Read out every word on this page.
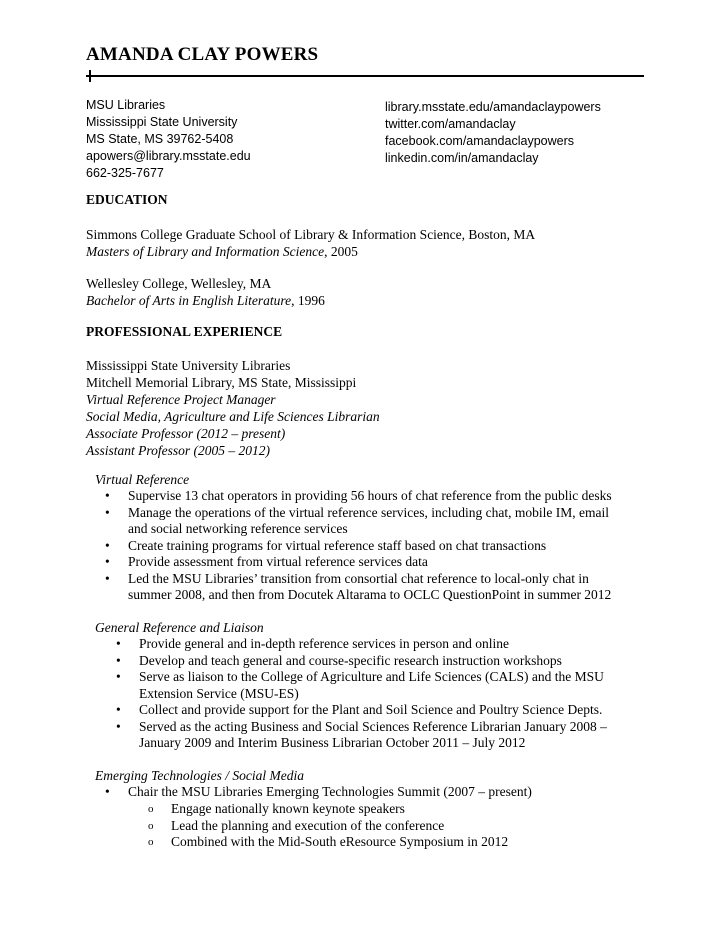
AMANDA CLAY POWERS
MSU Libraries
Mississippi State University
MS State, MS 39762-5408
apowers@library.msstate.edu
662-325-7677
library.msstate.edu/amandaclaypowers
twitter.com/amandaclay
facebook.com/amandaclaypowers
linkedin.com/in/amandaclay
EDUCATION
Simmons College Graduate School of Library & Information Science, Boston, MA
Masters of Library and Information Science, 2005
Wellesley College, Wellesley, MA
Bachelor of Arts in English Literature, 1996
PROFESSIONAL EXPERIENCE
Mississippi State University Libraries
Mitchell Memorial Library, MS State, Mississippi
Virtual Reference Project Manager
Social Media, Agriculture and Life Sciences Librarian
Associate Professor (2012 – present)
Assistant Professor (2005 – 2012)
Virtual Reference
• Supervise 13 chat operators in providing 56 hours of chat reference from the public desks
• Manage the operations of the virtual reference services, including chat, mobile IM, email
and social networking reference services
• Create training programs for virtual reference staff based on chat transactions
• Provide assessment from virtual reference services data
• Led the MSU Libraries’ transition from consortial chat reference to local-only chat in
summer 2008, and then from Docutek Altarama to OCLC QuestionPoint in summer 2012
General Reference and Liaison
• Provide general and in-depth reference services in person and online
• Develop and teach general and course-specific research instruction workshops
• Serve as liaison to the College of Agriculture and Life Sciences (CALS) and the MSU
Extension Service (MSU-ES)
• Collect and provide support for the Plant and Soil Science and Poultry Science Depts.
• Served as the acting Business and Social Sciences Reference Librarian January 2008 –
January 2009 and Interim Business Librarian October 2011 – July 2012
Emerging Technologies / Social Media
• Chair the MSU Libraries Emerging Technologies Summit (2007 – present)
o Engage nationally known keynote speakers
o Lead the planning and execution of the conference
o Combined with the Mid-South eResource Symposium in 2012
